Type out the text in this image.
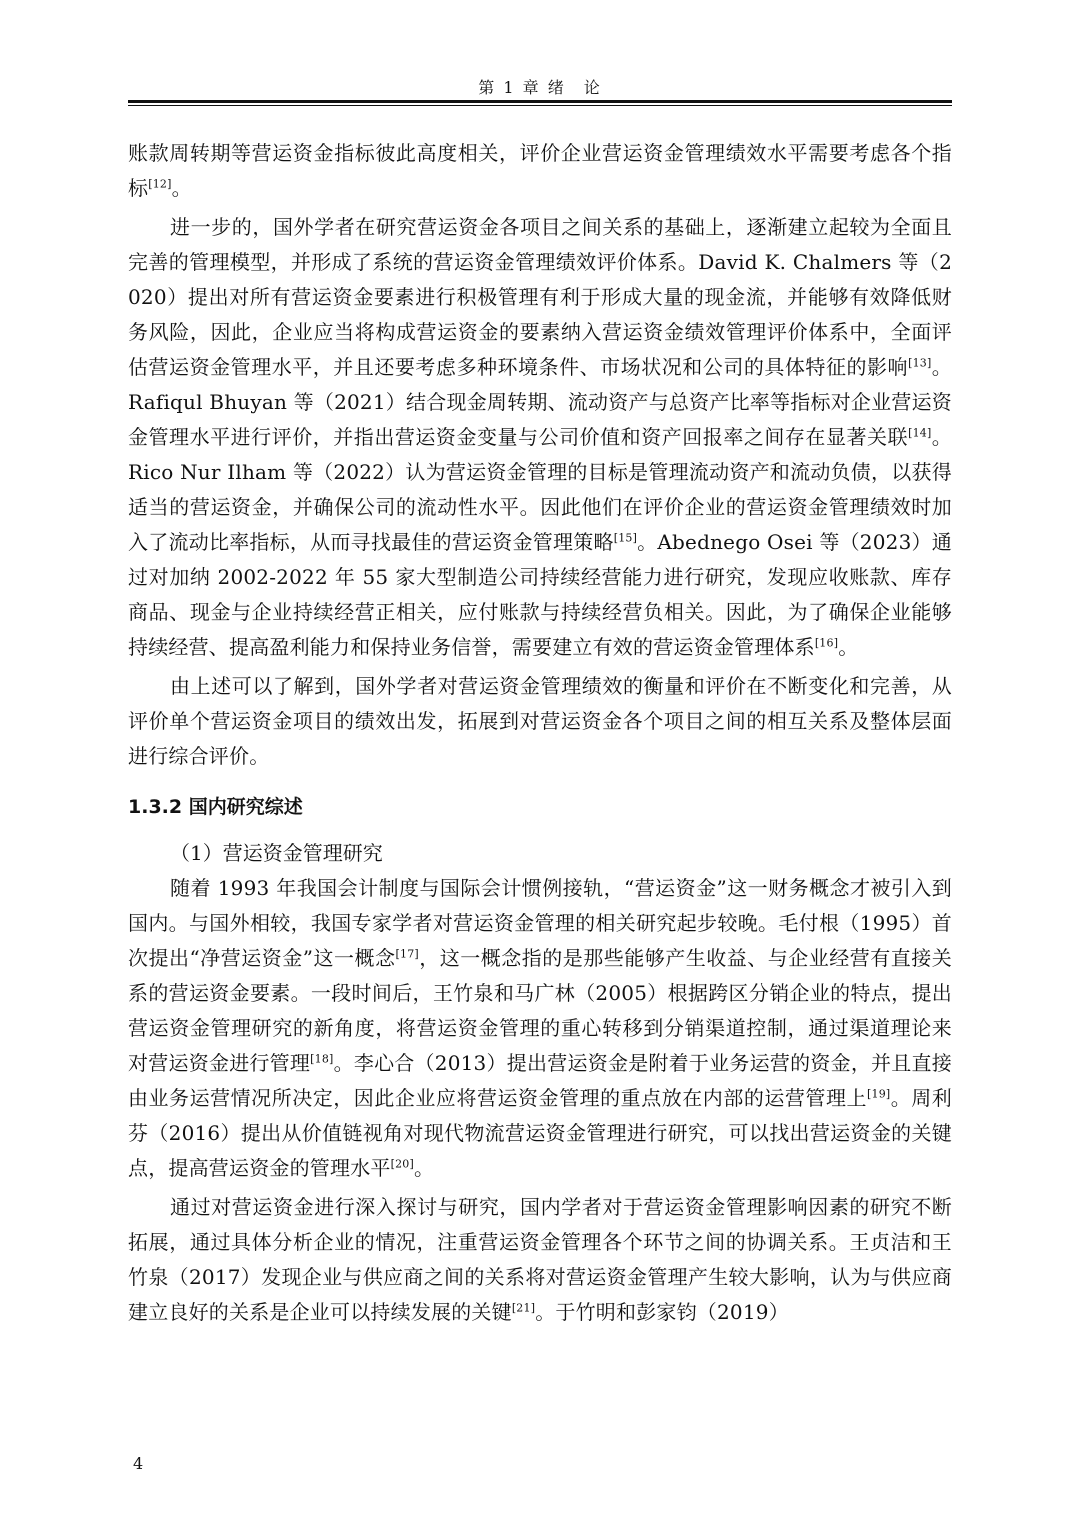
第 1 章 绪　论

账款周转期等营运资金指标彼此高度相关，评价企业营运资金管理绩效水平需要考虑各个指标[12]。

进一步的，国外学者在研究营运资金各项目之间关系的基础上，逐渐建立起较为全面且完善的管理模型，并形成了系统的营运资金管理绩效评价体系。David K. Chalmers 等（2020）提出对所有营运资金要素进行积极管理有利于形成大量的现金流，并能够有效降低财务风险，因此，企业应当将构成营运资金的要素纳入营运资金绩效管理评价体系中，全面评估营运资金管理水平，并且还要考虑多种环境条件、市场状况和公司的具体特征的影响[13]。Rafiqul Bhuyan 等（2021）结合现金周转期、流动资产与总资产比率等指标对企业营运资金管理水平进行评价，并指出营运资金变量与公司价值和资产回报率之间存在显著关联[14]。Rico Nur Ilham 等（2022）认为营运资金管理的目标是管理流动资产和流动负债，以获得适当的营运资金，并确保公司的流动性水平。因此他们在评价企业的营运资金管理绩效时加入了流动比率指标，从而寻找最佳的营运资金管理策略[15]。Abednego Osei 等（2023）通过对加纳 2002-2022 年 55 家大型制造公司持续经营能力进行研究，发现应收账款、库存商品、现金与企业持续经营正相关，应付账款与持续经营负相关。因此，为了确保企业能够持续经营、提高盈利能力和保持业务信誉，需要建立有效的营运资金管理体系[16]。

由上述可以了解到，国外学者对营运资金管理绩效的衡量和评价在不断变化和完善，从评价单个营运资金项目的绩效出发，拓展到对营运资金各个项目之间的相互关系及整体层面进行综合评价。

1.3.2 国内研究综述

（1）营运资金管理研究

随着 1993 年我国会计制度与国际会计惯例接轨，“营运资金”这一财务概念才被引入到国内。与国外相较，我国专家学者对营运资金管理的相关研究起步较晚。毛付根（1995）首次提出“净营运资金”这一概念[17]，这一概念指的是那些能够产生收益、与企业经营有直接关系的营运资金要素。一段时间后，王竹泉和马广林（2005）根据跨区分销企业的特点，提出营运资金管理研究的新角度，将营运资金管理的重心转移到分销渠道控制，通过渠道理论来对营运资金进行管理[18]。李心合（2013）提出营运资金是附着于业务运营的资金，并且直接由业务运营情况所决定，因此企业应将营运资金管理的重点放在内部的运营管理上[19]。周利芬（2016）提出从价值链视角对现代物流营运资金管理进行研究，可以找出营运资金的关键点，提高营运资金的管理水平[20]。

通过对营运资金进行深入探讨与研究，国内学者对于营运资金管理影响因素的研究不断拓展，通过具体分析企业的情况，注重营运资金管理各个环节之间的协调关系。王贞洁和王竹泉（2017）发现企业与供应商之间的关系将对营运资金管理产生较大影响，认为与供应商建立良好的关系是企业可以持续发展的关键[21]。于竹明和彭家钧（2019）

4
